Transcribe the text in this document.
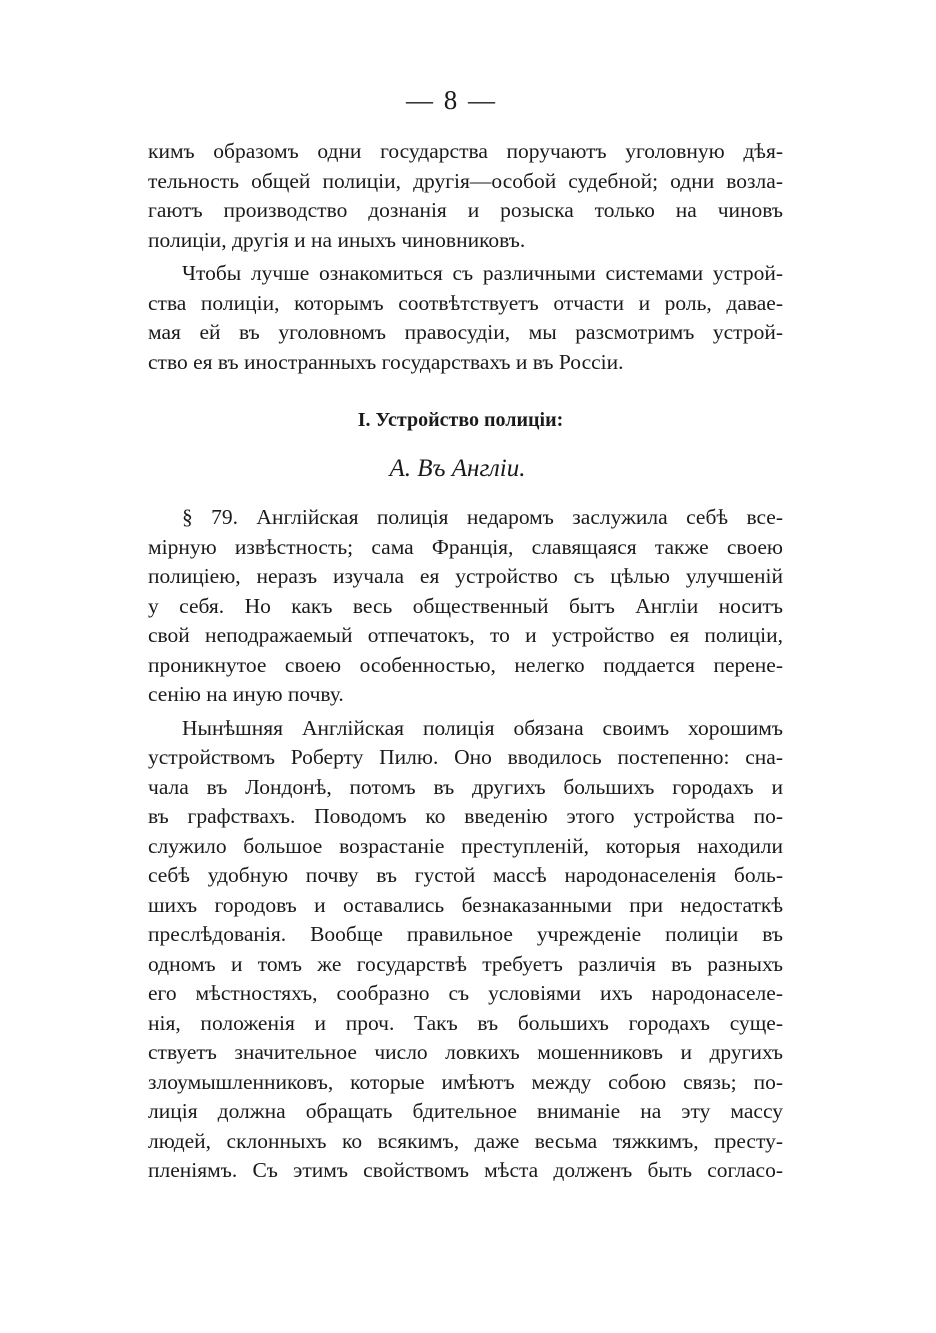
— 8 —
кимъ образомъ одни государства поручаютъ уголовную дѣя-
тельность общей полиціи, другія—особой судебной; одни возла-
гаютъ производство дознанія и розыска только на чиновъ
полиціи, другія и на иныхъ чиновниковъ.
Чтобы лучше ознакомиться съ различными системами устрой-
ства полиціи, которымъ соотвѣтствуетъ отчасти и роль, давае-
мая ей въ уголовномъ правосудіи, мы разсмотримъ устрой-
ство ея въ иностранныхъ государствахъ и въ Россіи.
I. Устройство полиціи:
А. Въ Англіи.
§ 79. Англійская полиція недаромъ заслужила себѣ все-
мірную извѣстность; сама Франція, славящаяся также своею
полиціею, неразъ изучала ея устройство съ цѣлью улучшеній
у себя. Но какъ весь общественный бытъ Англіи носитъ
свой неподражаемый отпечатокъ, то и устройство ея полиціи,
проникнутое своею особенностью, нелегко поддается перене-
сенію на иную почву.
Нынѣшняя Англійская полиція обязана своимъ хорошимъ
устройствомъ Роберту Пилю. Оно вводилось постепенно: сна-
чала въ Лондонѣ, потомъ въ другихъ большихъ городахъ и
въ графствахъ. Поводомъ ко введенію этого устройства по-
служило большое возрастаніе преступленій, которыя находили
себѣ удобную почву въ густой массѣ народонаселенія боль-
шихъ городовъ и оставались безнаказанными при недостаткѣ
преслѣдованія. Вообще правильное учрежденіе полиціи въ
одномъ и томъ же государствѣ требуетъ различія въ разныхъ
его мѣстностяхъ, сообразно съ условіями ихъ народонаселе-
нія, положенія и проч. Такъ въ большихъ городахъ суще-
ствуетъ значительное число ловкихъ мошенниковъ и другихъ
злоумышленниковъ, которые имѣютъ между собою связь; по-
лиція должна обращать бдительное вниманіе на эту массу
людей, склонныхъ ко всякимъ, даже весьма тяжкимъ, престу-
пленіямъ. Съ этимъ свойствомъ мѣста долженъ быть согласо-
